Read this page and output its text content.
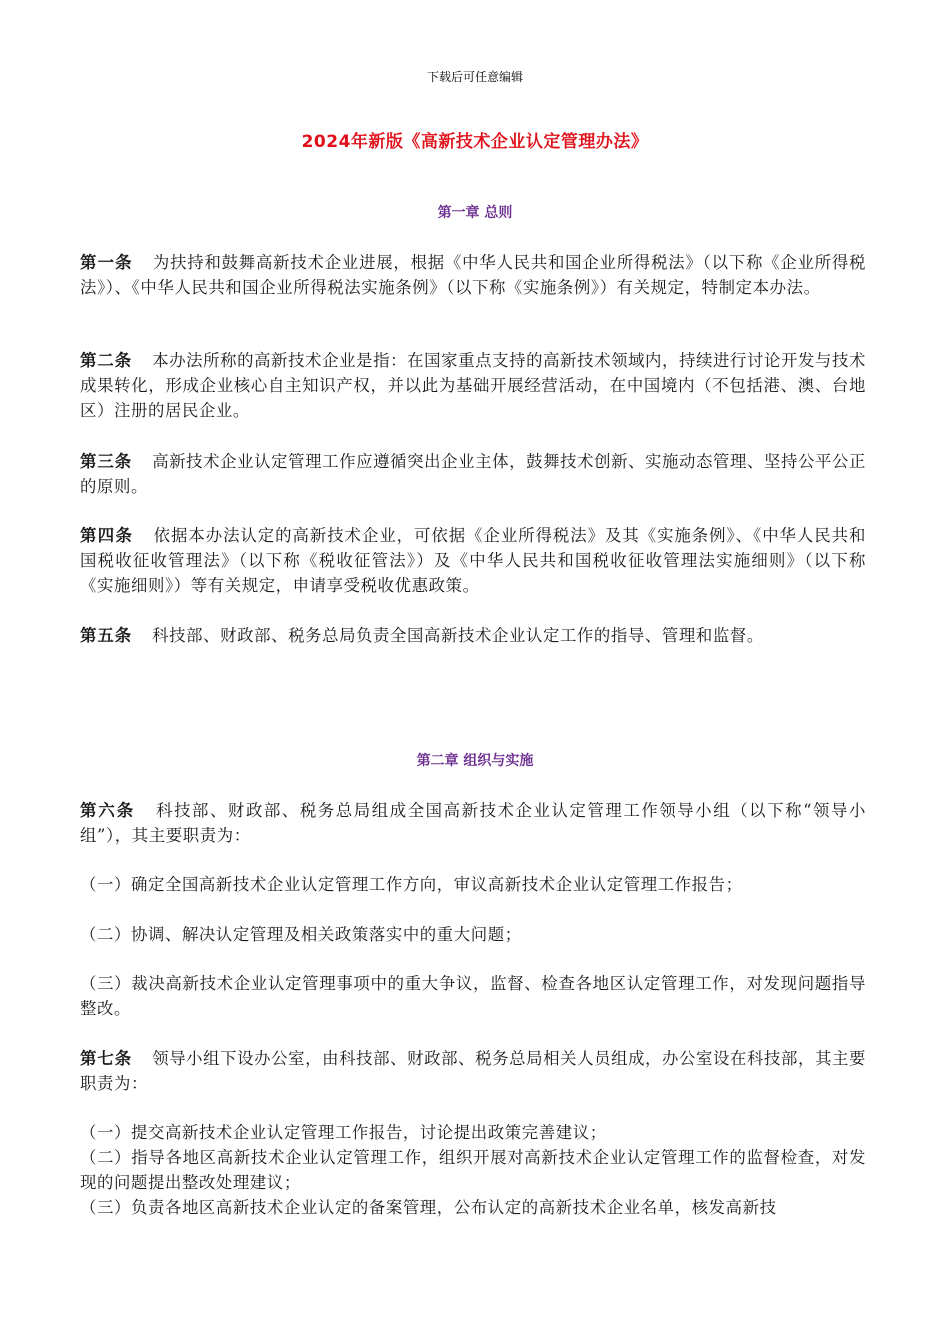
下载后可任意编辑
2024年新版《高新技术企业认定管理办法》
第一章 总则

第一条 为扶持和鼓舞高新技术企业进展，根据《中华人民共和国企业所得税法》（以下称《企业所得税法》）、《中华人民共和国企业所得税法实施条例》（以下称《实施条例》）有关规定，特制定本办法。

第二条 本办法所称的高新技术企业是指：在国家重点支持的高新技术领域内，持续进行讨论开发与技术成果转化，形成企业核心自主知识产权，并以此为基础开展经营活动，在中国境内（不包括港、澳、台地区）注册的居民企业。

第三条 高新技术企业认定管理工作应遵循突出企业主体，鼓舞技术创新、实施动态管理、坚持公平公正的原则。

第四条 依据本办法认定的高新技术企业，可依据《企业所得税法》及其《实施条例》、《中华人民共和国税收征收管理法》（以下称《税收征管法》）及《中华人民共和国税收征收管理法实施细则》（以下称《实施细则》）等有关规定，申请享受税收优惠政策。

第五条 科技部、财政部、税务总局负责全国高新技术企业认定工作的指导、管理和监督。

第二章 组织与实施

第六条 科技部、财政部、税务总局组成全国高新技术企业认定管理工作领导小组（以下称“领导小组”），其主要职责为：

（一）确定全国高新技术企业认定管理工作方向，审议高新技术企业认定管理工作报告；

（二）协调、解决认定管理及相关政策落实中的重大问题；

（三）裁决高新技术企业认定管理事项中的重大争议，监督、检查各地区认定管理工作，对发现问题指导整改。

第七条 领导小组下设办公室，由科技部、财政部、税务总局相关人员组成，办公室设在科技部，其主要职责为：

（一）提交高新技术企业认定管理工作报告，讨论提出政策完善建议；

（二）指导各地区高新技术企业认定管理工作，组织开展对高新技术企业认定管理工作的监督检查，对发现的问题提出整改处理建议；

（三）负责各地区高新技术企业认定的备案管理，公布认定的高新技术企业名单，核发高新技
